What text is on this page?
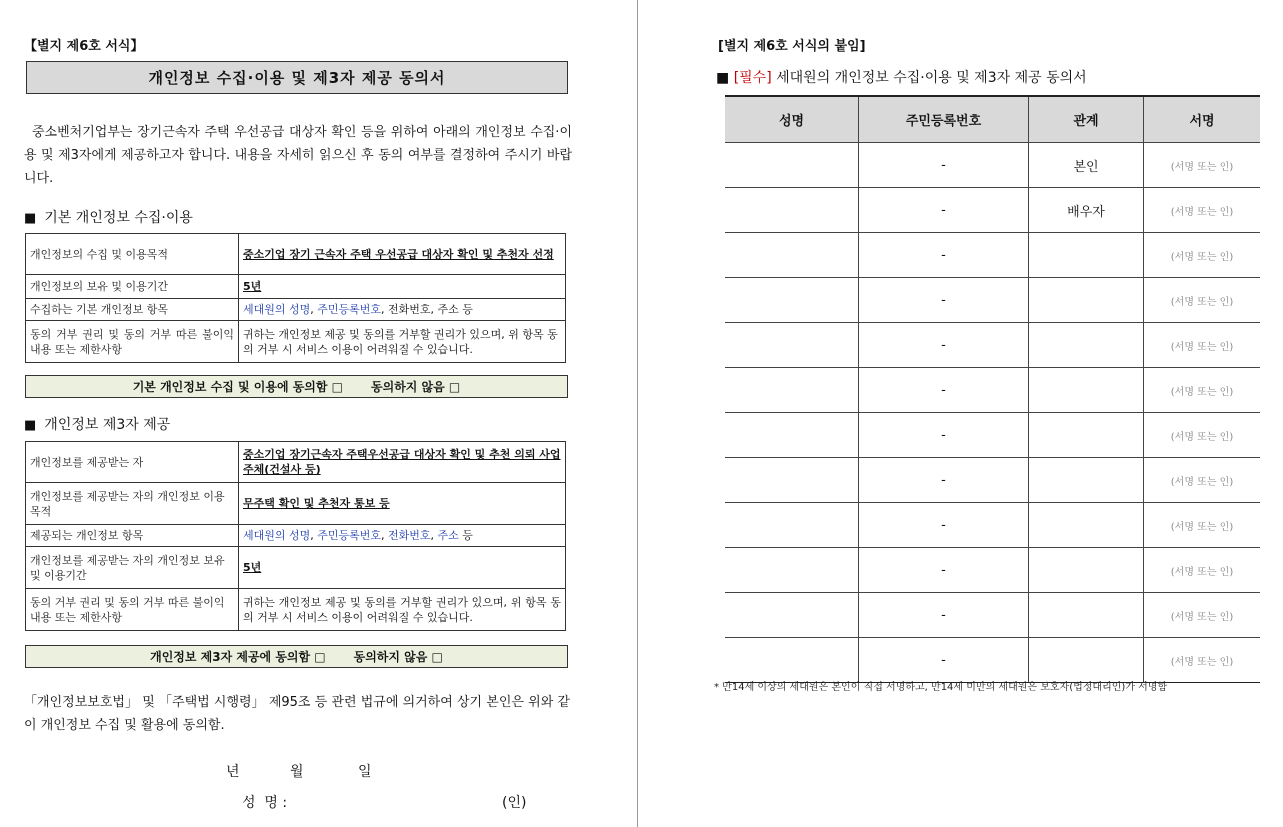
【별지 제6호 서식】
개인정보 수집·이용 및 제3자 제공 동의서
중소벤처기업부는 장기근속자 주택 우선공급 대상자 확인 등을 위하여 아래의 개인정보 수집·이용 및 제3자에게 제공하고자 합니다. 내용을 자세히 읽으신 후 동의 여부를 결정하여 주시기 바랍니다.
■ 기본 개인정보 수집·이용
개인정보의 수집 및 이용목적	중소기업 장기 근속자 주택 우선공급 대상자 확인 및 추천자 선정
개인정보의 보유 및 이용기간	5년
수집하는 기본 개인정보 항목	세대원의 성명, 주민등록번호, 전화번호, 주소 등
동의 거부 권리 및 동의 거부 따른 불이익 내용 또는 제한사항	귀하는 개인정보 제공 및 동의를 거부할 권리가 있으며, 위 항목 동의 거부 시 서비스 이용이 어려워질 수 있습니다.
기본 개인정보 수집 및 이용에 동의함 □ 동의하지 않음 □
■ 개인정보 제3자 제공
개인정보를 제공받는 자	중소기업 장기근속자 주택우선공급 대상자 확인 및 추천 의뢰 사업주체(건설사 등)
개인정보를 제공받는 자의 개인정보 이용 목적	무주택 확인 및 추천자 통보 등
제공되는 개인정보 항목	세대원의 성명, 주민등록번호, 전화번호, 주소 등
개인정보를 제공받는 자의 개인정보 보유 및 이용기간	5년
동의 거부 권리 및 동의 거부 따른 불이익 내용 또는 제한사항	귀하는 개인정보 제공 및 동의를 거부할 권리가 있으며, 위 항목 동의 거부 시 서비스 이용이 어려워질 수 있습니다.
개인정보 제3자 제공에 동의함 □ 동의하지 않음 □
「개인정보보호법」 및 「주택법 시행령」 제95조 등 관련 법규에 의거하여 상기 본인은 위와 같이 개인정보 수집 및 활용에 동의함.
년	월	일
성  명 :	(인)
[별지 제6호 서식의 붙임]
■ [필수] 세대원의 개인정보 수집·이용 및 제3자 제공 동의서
성명	주민등록번호	관계	서명
	-	본인	(서명 또는 인)
	-	배우자	(서명 또는 인)
	-		(서명 또는 인)
	-		(서명 또는 인)
	-		(서명 또는 인)
	-		(서명 또는 인)
	-		(서명 또는 인)
	-		(서명 또는 인)
	-		(서명 또는 인)
	-		(서명 또는 인)
	-		(서명 또는 인)
	-		(서명 또는 인)
* 만14세 이상의 세대원은 본인이 직접 서명하고, 만14세 미만의 세대원은 보호자(법정대리인)가 서명함
